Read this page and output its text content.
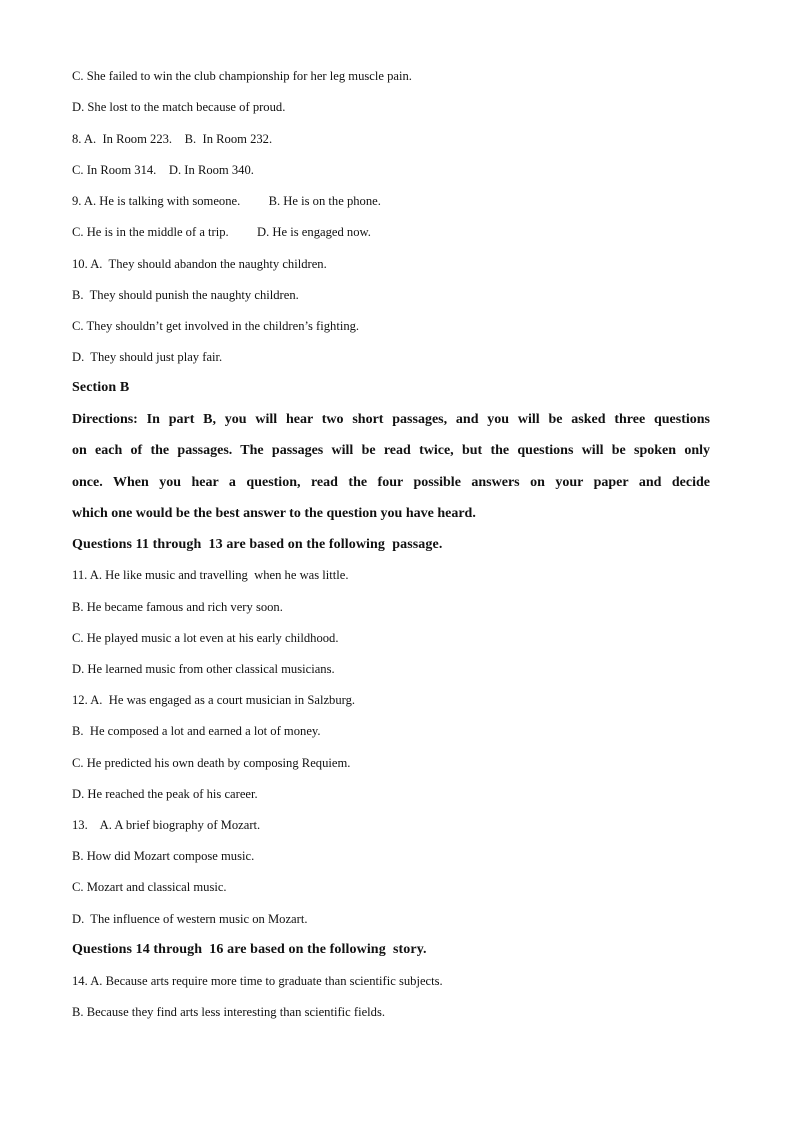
C. She failed to win the club championship for her leg muscle pain.
D. She lost to the match because of proud.
8. A.  In Room 223.    B.  In Room 232.
C. In Room 314.    D. In Room 340.
9. A. He is talking with someone.         B. He is on the phone.
C. He is in the middle of a trip.         D. He is engaged now.
10. A.  They should abandon the naughty children.
B.  They should punish the naughty children.
C. They shouldn’t get involved in the children’s fighting.
D.  They should just play fair.
Section B
Directions: In part B, you will hear two short passages, and you will be asked three questions
on each of the passages. The passages will be read twice, but the questions will be spoken only
once. When you hear a question, read the four possible answers on your paper and decide
which one would be the best answer to the question you have heard.
Questions 11 through  13 are based on the following  passage.
11. A. He like music and travelling  when he was little.
B. He became famous and rich very soon.
C. He played music a lot even at his early childhood.
D. He learned music from other classical musicians.
12. A.  He was engaged as a court musician in Salzburg.
B.  He composed a lot and earned a lot of money.
C. He predicted his own death by composing Requiem.
D. He reached the peak of his career.
13.    A. A brief biography of Mozart.
B. How did Mozart compose music.
C. Mozart and classical music.
D.  The influence of western music on Mozart.
Questions 14 through  16 are based on the following  story.
14. A. Because arts require more time to graduate than scientific subjects.
B. Because they find arts less interesting than scientific fields.
